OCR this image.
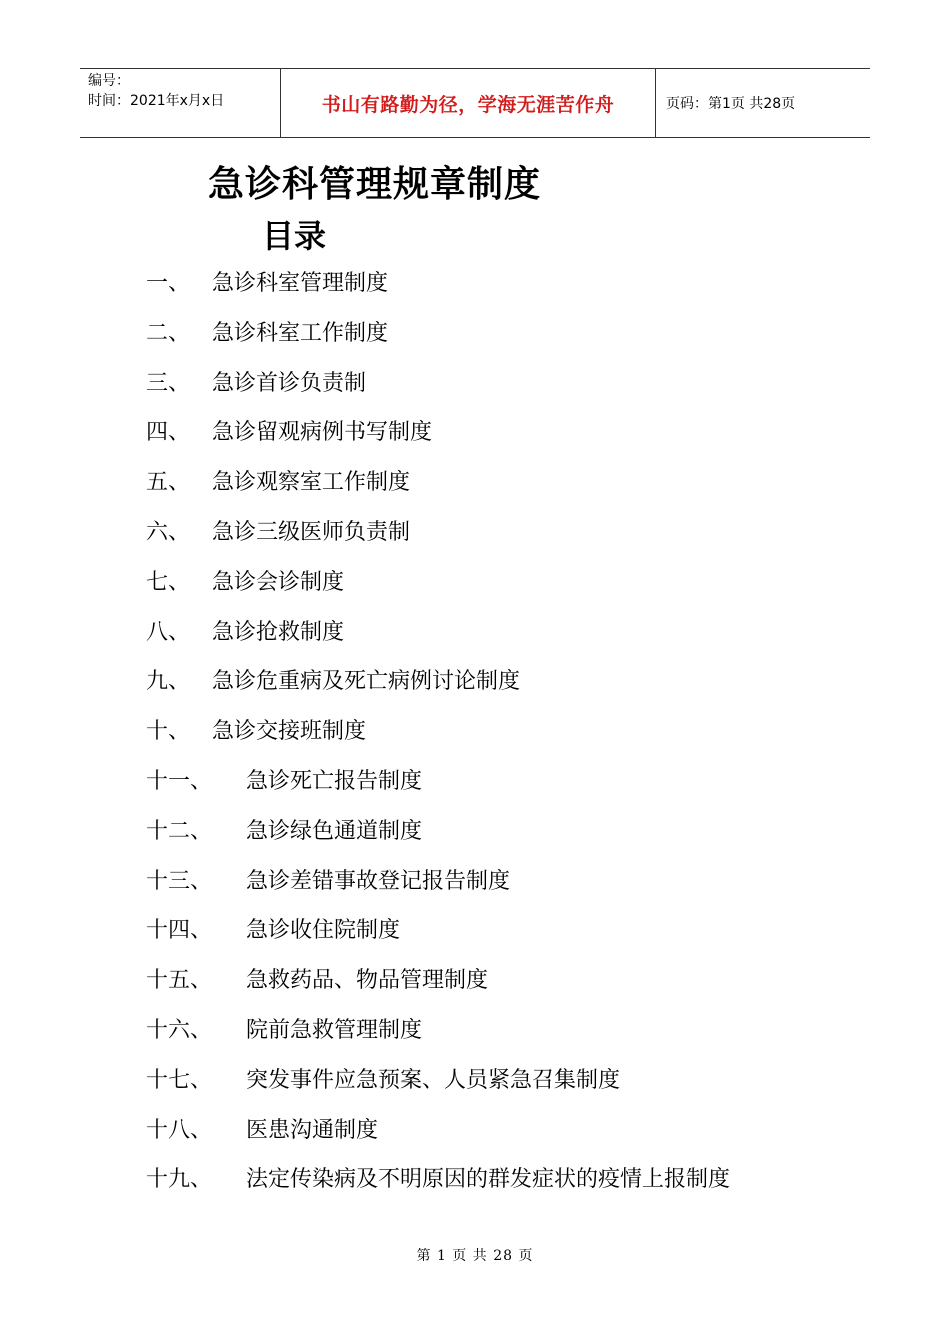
编号：
时间：2021年x月x日	书山有路勤为径，学海无涯苦作舟	页码：第1页 共28页
急诊科管理规章制度
目录
一、 急诊科室管理制度
二、 急诊科室工作制度
三、 急诊首诊负责制
四、 急诊留观病例书写制度
五、 急诊观察室工作制度
六、 急诊三级医师负责制
七、 急诊会诊制度
八、 急诊抢救制度
九、 急诊危重病及死亡病例讨论制度
十、 急诊交接班制度
十一、 急诊死亡报告制度
十二、 急诊绿色通道制度
十三、 急诊差错事故登记报告制度
十四、 急诊收住院制度
十五、 急救药品、物品管理制度
十六、 院前急救管理制度
十七、 突发事件应急预案、人员紧急召集制度
十八、 医患沟通制度
十九、 法定传染病及不明原因的群发症状的疫情上报制度
第 1 页 共 28 页
